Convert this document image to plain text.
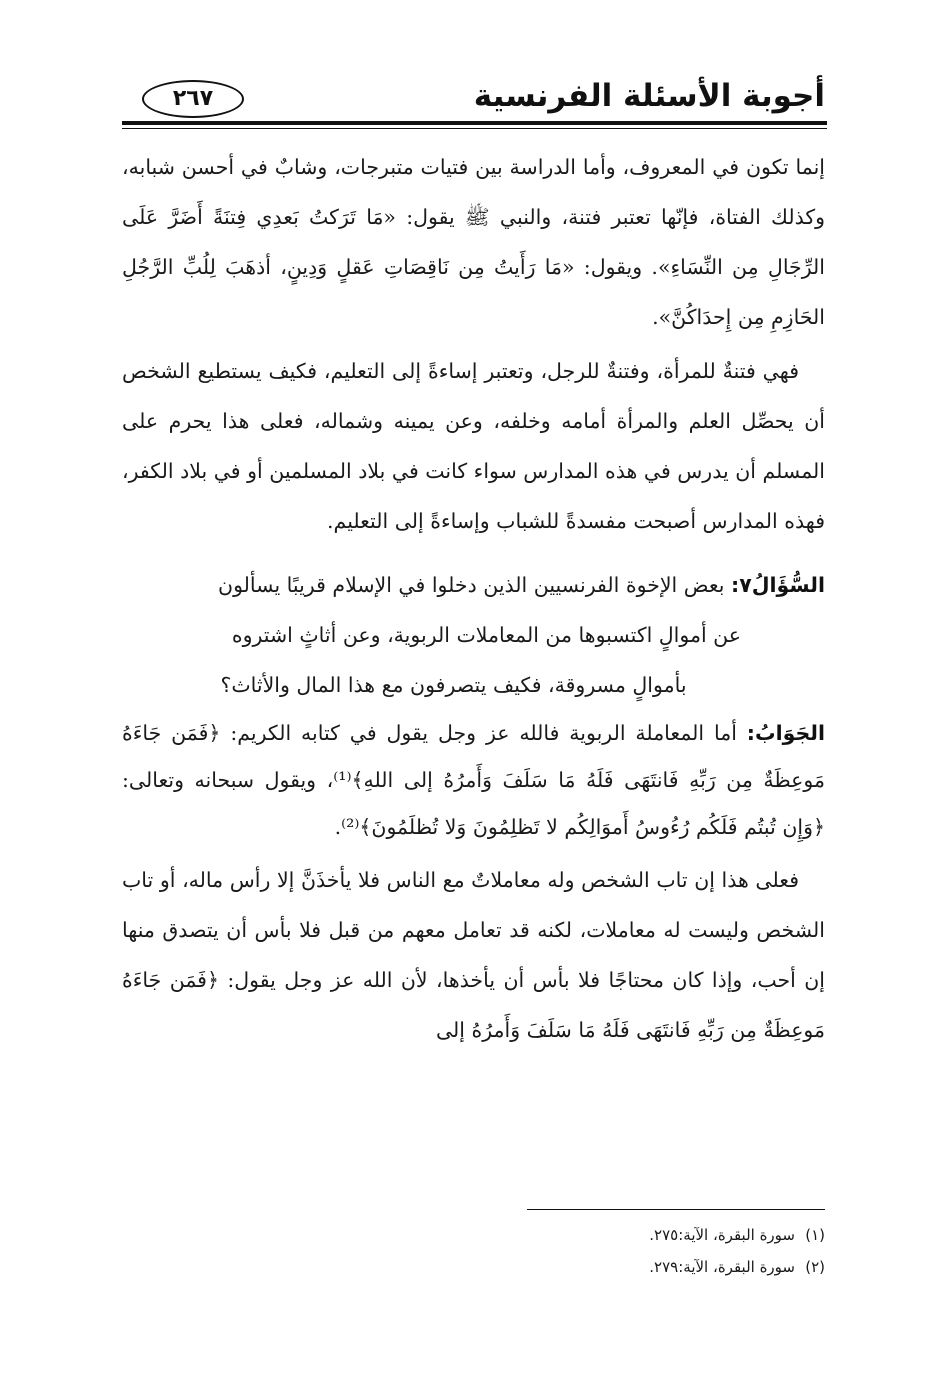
أجوبة الأسئلة الفرنسية
٢٦٧

إنما تكون في المعروف، وأما الدراسة بين فتيات متبرجات، وشابٌ في أحسن شبابه، وكذلك الفتاة، فإنّها تعتبر فتنة، والنبي ﷺ يقول: «مَا تَرَكتُ بَعدِي فِتنَةً أَضَرَّ عَلَى الرِّجَالِ مِن النِّسَاءِ». ويقول: «مَا رَأَيتُ مِن نَاقِصَاتِ عَقلٍ وَدِينٍ، أذهَبَ لِلُبِّ الرَّجُلِ الحَازِمِ مِن إِحدَاكُنَّ».

فهي فتنةٌ للمرأة، وفتنةٌ للرجل، وتعتبر إساءةً إلى التعليم، فكيف يستطيع الشخص أن يحصِّل العلم والمرأة أمامه وخلفه، وعن يمينه وشماله، فعلى هذا يحرم على المسلم أن يدرس في هذه المدارس سواء كانت في بلاد المسلمين أو في بلاد الكفر، فهذه المدارس أصبحت مفسدةً للشباب وإساءةً إلى التعليم.

السُّؤَالُ٧: بعض الإخوة الفرنسيين الذين دخلوا في الإسلام قريبًا يسألون
عن أموالٍ اكتسبوها من المعاملات الربوية، وعن أثاثٍ اشتروه
بأموالٍ مسروقة، فكيف يتصرفون مع هذا المال والأثاث؟

الجَوَابُ: أما المعاملة الربوية فالله عز وجل يقول في كتابه الكريم: ﴿فَمَن جَاءَهُ مَوعِظَةٌ مِن رَبِّهِ فَانتَهَى فَلَهُ مَا سَلَفَ وَأَمرُهُ إلى اللهِ﴾⁽¹⁾، ويقول سبحانه وتعالى: ﴿وَإِن تُبتُم فَلَكُم رُءُوسُ أَموَالِكُم لا تَظلِمُونَ وَلا تُظلَمُونَ﴾⁽²⁾.

فعلى هذا إن تاب الشخص وله معاملاتٌ مع الناس فلا يأخذَنَّ إلا رأس ماله، أو تاب الشخص وليست له معاملات، لكنه قد تعامل معهم من قبل فلا بأس أن يتصدق منها إن أحب، وإذا كان محتاجًا فلا بأس أن يأخذها، لأن الله عز وجل يقول: ﴿فَمَن جَاءَهُ مَوعِظَةٌ مِن رَبِّهِ فَانتَهَى فَلَهُ مَا سَلَفَ وَأَمرُهُ إلى

(١)سورة البقرة، الآية:٢٧٥.
(٢)سورة البقرة، الآية:٢٧٩.
